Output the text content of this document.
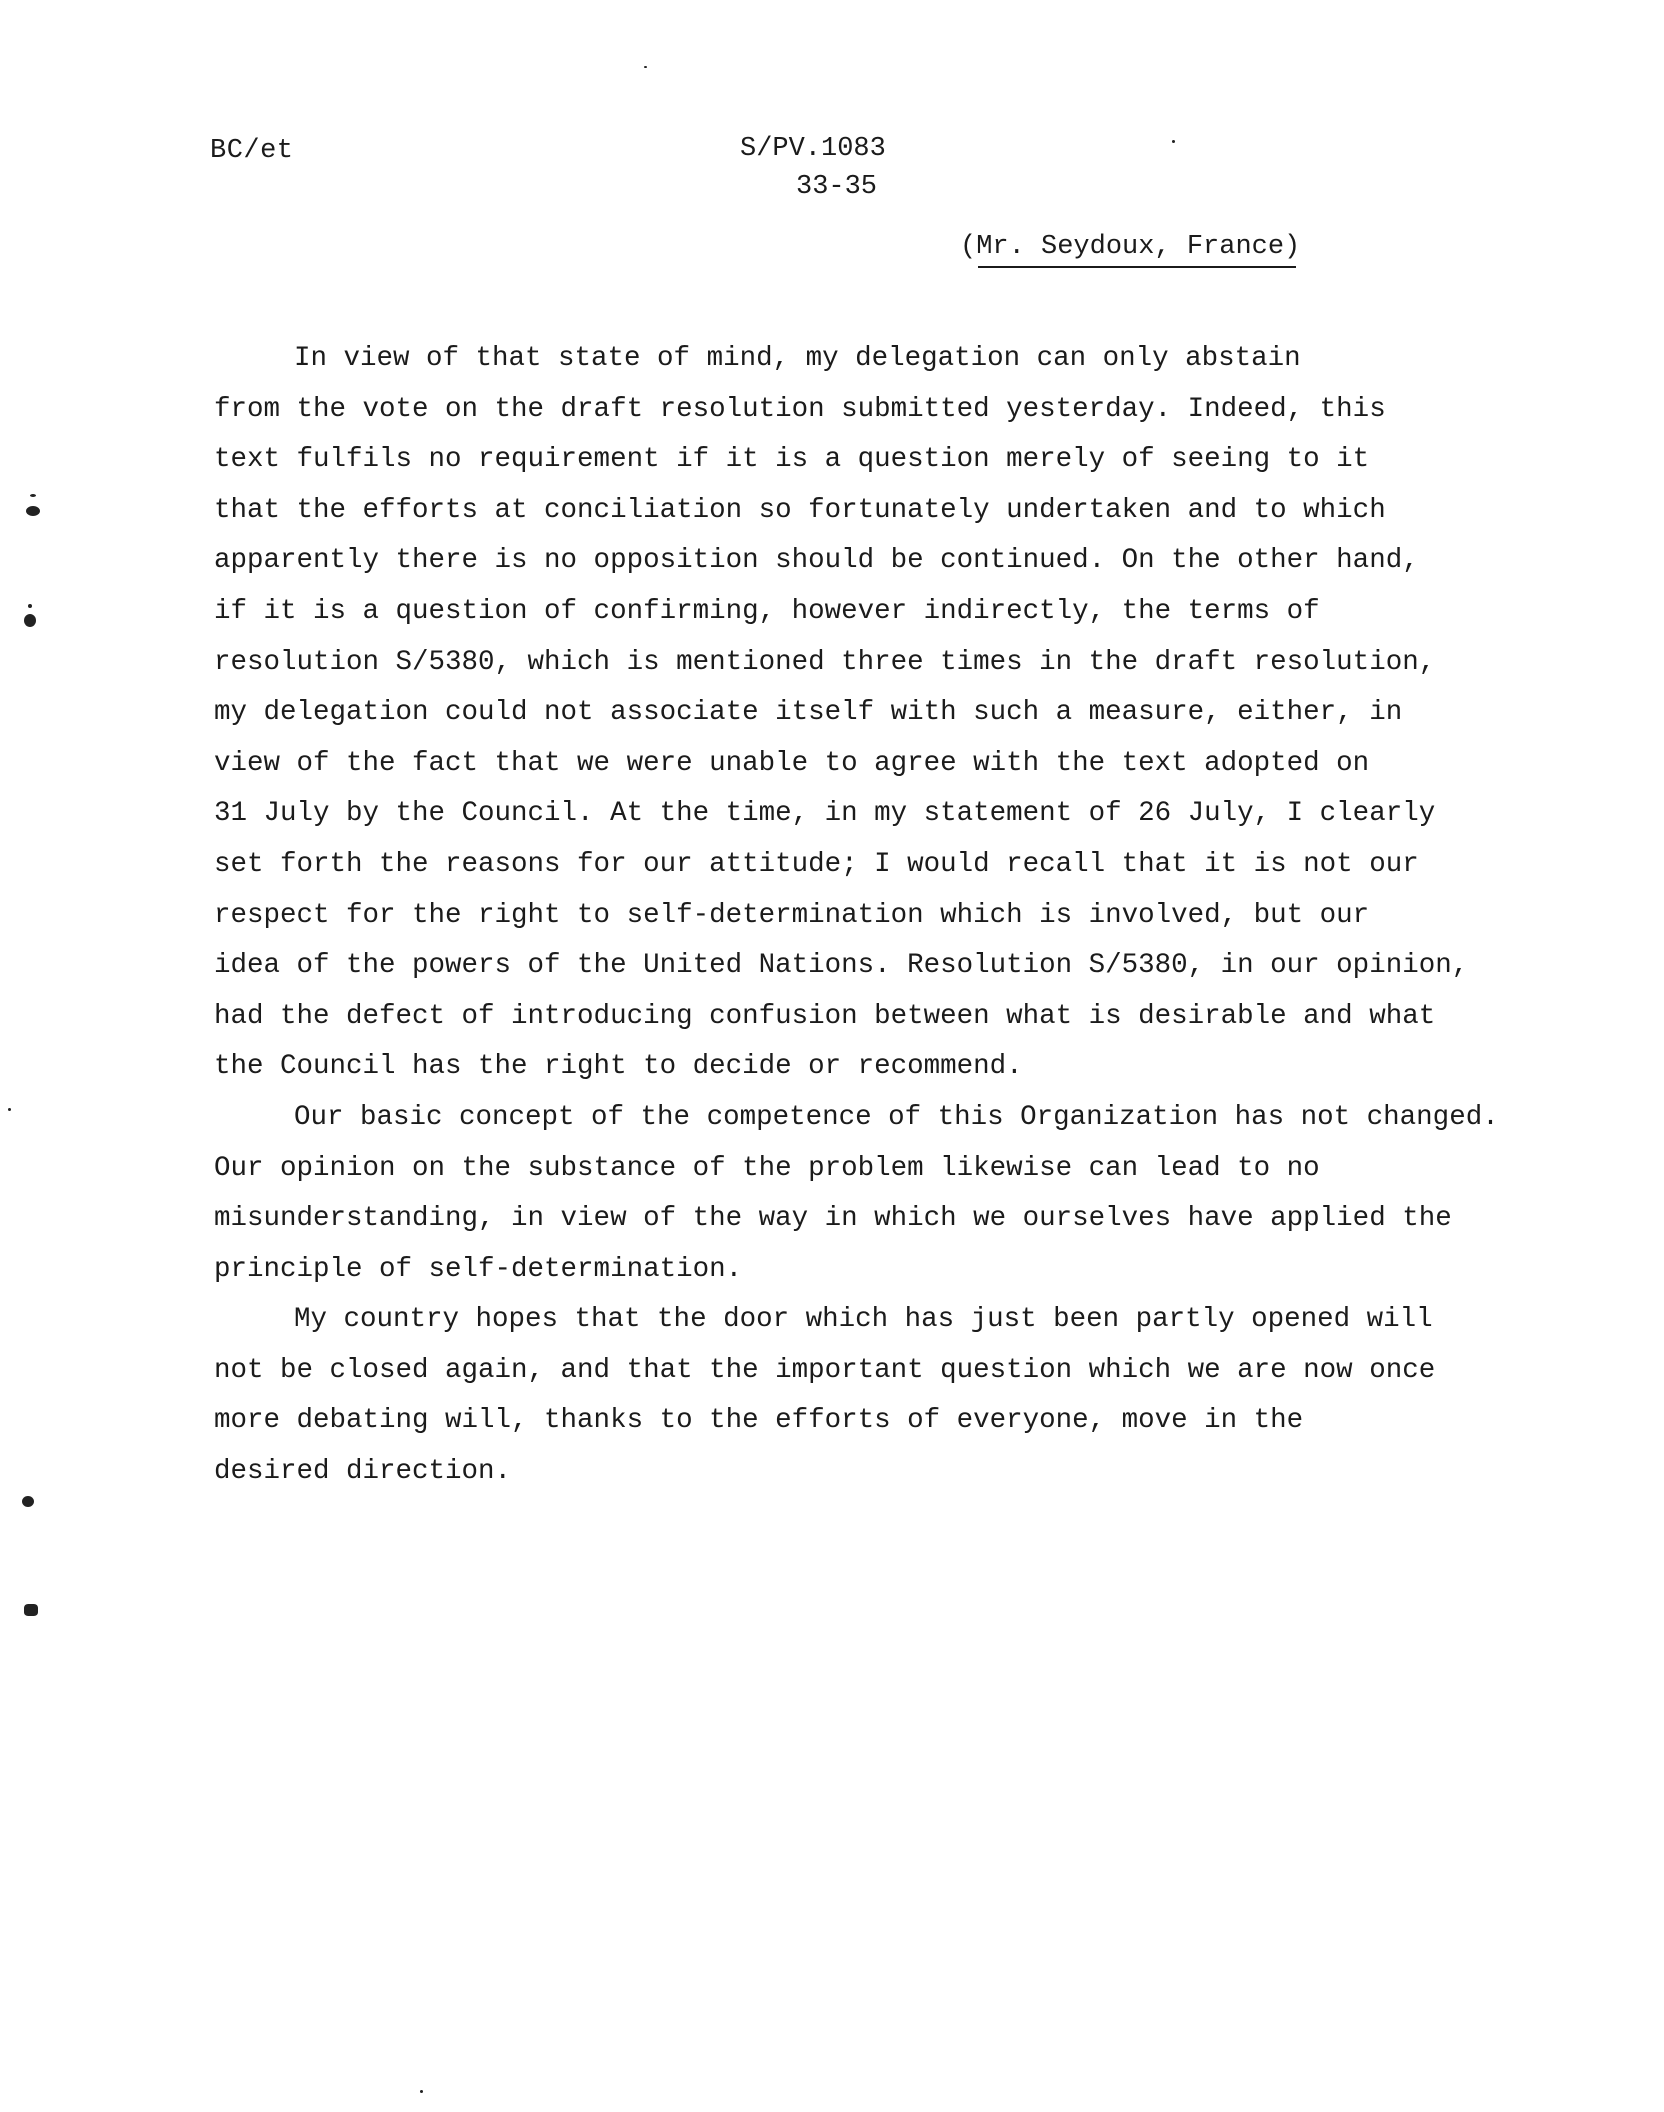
BC/et	S/PV.1083
33-35
(Mr. Seydoux, France)

In view of that state of mind, my delegation can only abstain
from the vote on the draft resolution submitted yesterday. Indeed, this
text fulfils no requirement if it is a question merely of seeing to it
that the efforts at conciliation so fortunately undertaken and to which
apparently there is no opposition should be continued. On the other hand,
if it is a question of confirming, however indirectly, the terms of
resolution S/5380, which is mentioned three times in the draft resolution,
my delegation could not associate itself with such a measure, either, in
view of the fact that we were unable to agree with the text adopted on
31 July by the Council. At the time, in my statement of 26 July, I clearly
set forth the reasons for our attitude; I would recall that it is not our
respect for the right to self-determination which is involved, but our
idea of the powers of the United Nations. Resolution S/5380, in our opinion,
had the defect of introducing confusion between what is desirable and what
the Council has the right to decide or recommend.

Our basic concept of the competence of this Organization has not changed.
Our opinion on the substance of the problem likewise can lead to no
misunderstanding, in view of the way in which we ourselves have applied the
principle of self-determination.

My country hopes that the door which has just been partly opened will
not be closed again, and that the important question which we are now once
more debating will, thanks to the efforts of everyone, move in the
desired direction.
